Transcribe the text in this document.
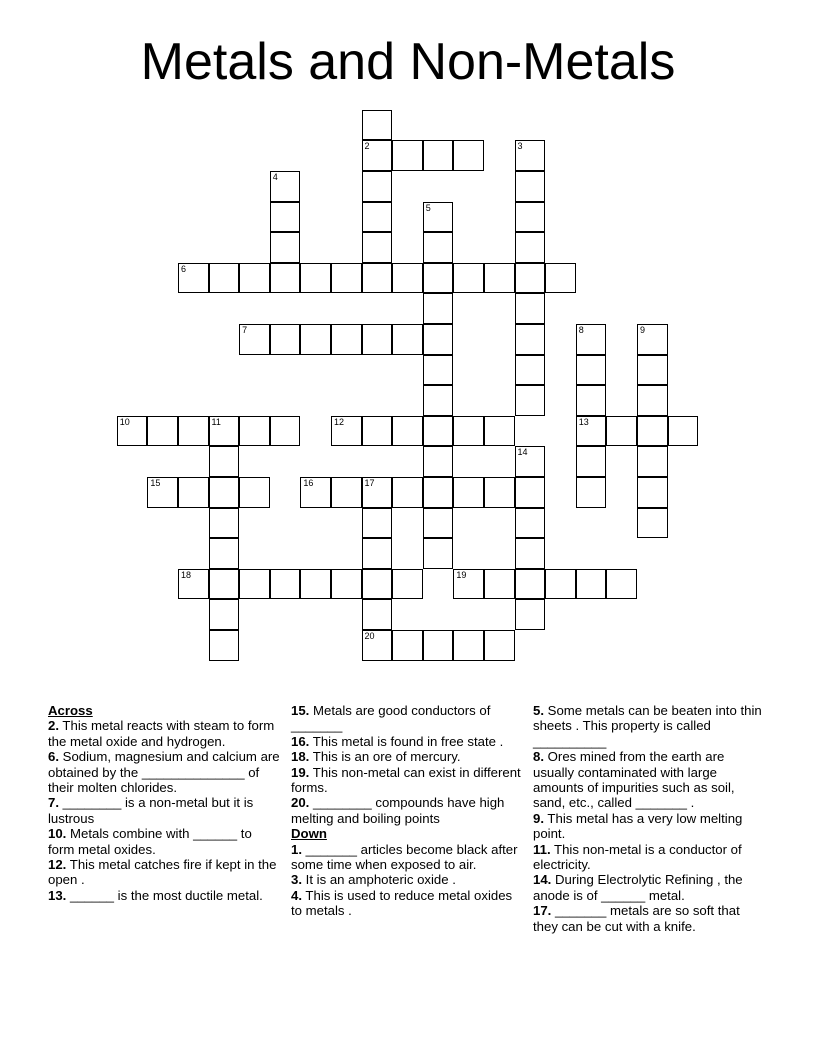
Metals and Non-Metals
2	3
4
5
6
7	8	9
10	11	12	13
14
15	16	17
18	19
20
Across
2. This metal reacts with steam to form the metal oxide and hydrogen.
6. Sodium, magnesium and calcium are obtained by the ______________ of their molten chlorides.
7. ________ is a non-metal but it is lustrous
10. Metals combine with ______ to form metal oxides.
12. This metal catches fire if kept in the open .
13. ______ is the most ductile metal.
15. Metals are good conductors of _______
16. This metal is found in free state .
18. This is an ore of mercury.
19. This non-metal can exist in different forms.
20. ________ compounds have high melting and boiling points
Down
1. _______ articles become black after some time when exposed to air.
3. It is an amphoteric oxide .
4. This is used to reduce metal oxides to metals .
5. Some metals can be beaten into thin sheets . This property is called __________
8. Ores mined from the earth are usually contaminated with large amounts of impurities such as soil, sand, etc., called _______ .
9. This metal has a very low melting point.
11. This non-metal is a conductor of electricity.
14. During Electrolytic Refining , the anode is of ______ metal.
17. _______ metals are so soft that they can be cut with a knife.
